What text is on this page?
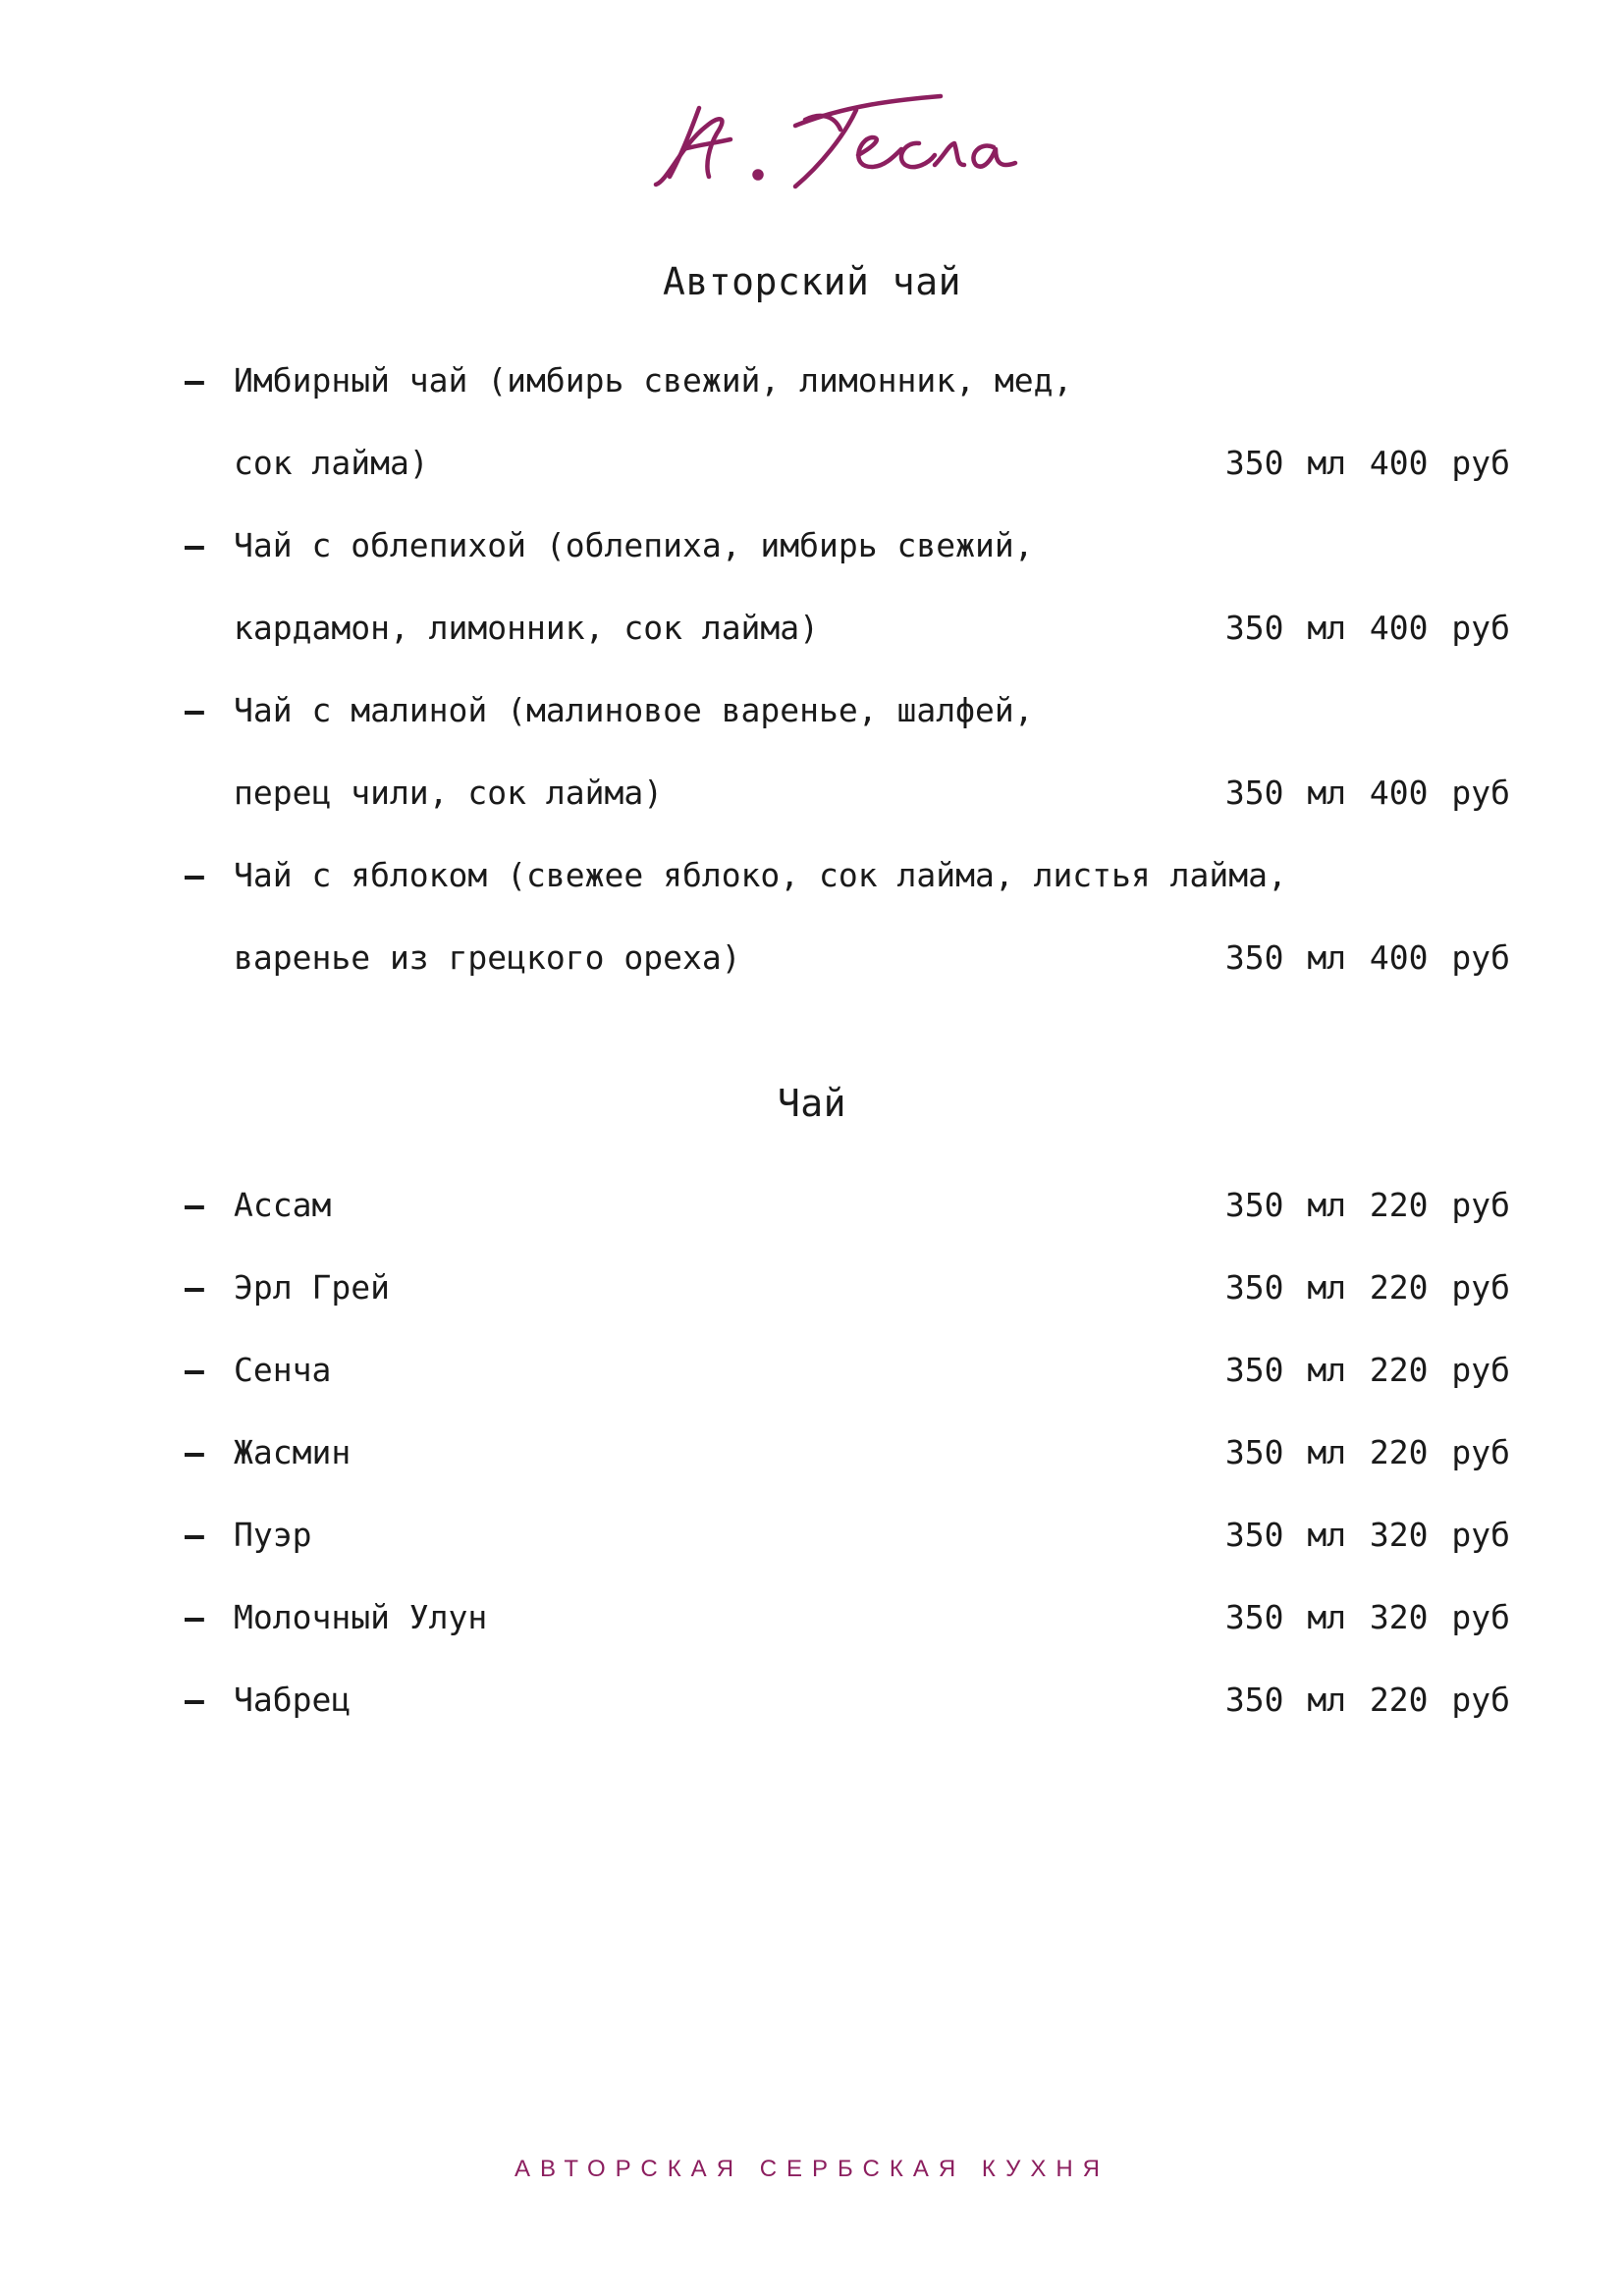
Авторский чай
– Имбирный чай (имбирь свежий, лимонник, мед,
сок лайма)	350 мл 400 руб
– Чай с облепихой (облепиха, имбирь свежий,
кардамон, лимонник, сок лайма)	350 мл 400 руб
– Чай с малиной (малиновое варенье, шалфей,
перец чили, сок лайма)	350 мл 400 руб
– Чай с яблоком (свежее яблоко, сок лайма, листья лайма,
варенье из грецкого ореха)	350 мл 400 руб
Чай
– Ассам	350 мл 220 руб
– Эрл Грей	350 мл 220 руб
– Сенча	350 мл 220 руб
– Жасмин	350 мл 220 руб
– Пуэр	350 мл 320 руб
– Молочный Улун	350 мл 320 руб
– Чабрец	350 мл 220 руб
АВТОРСКАЯ СЕРБСКАЯ КУХНЯ
